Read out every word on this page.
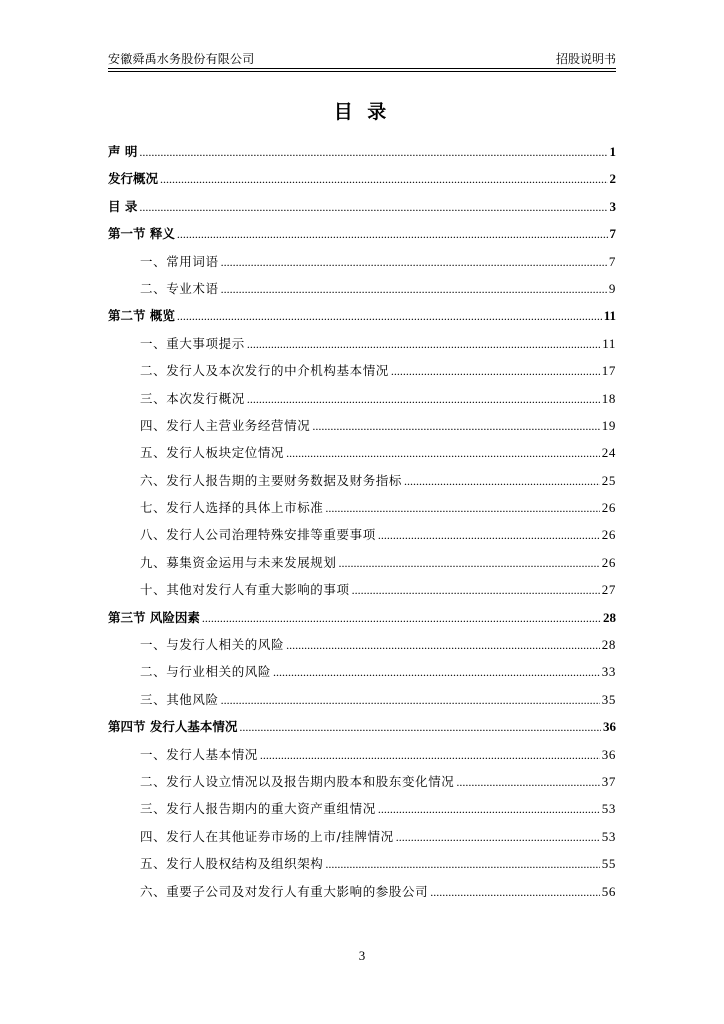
安徽舜禹水务股份有限公司	招股说明书
目 录
声 明 .....	1
发行概况 .....	2
目 录 .....	3
第一节 释义 .....	7
一、常用词语 .....	7
二、专业术语 .....	9
第二节 概览 .....	11
一、重大事项提示 .....	11
二、发行人及本次发行的中介机构基本情况 .....	17
三、本次发行概况 .....	18
四、发行人主营业务经营情况 .....	19
五、发行人板块定位情况 .....	24
六、发行人报告期的主要财务数据及财务指标 .....	25
七、发行人选择的具体上市标准 .....	26
八、发行人公司治理特殊安排等重要事项 .....	26
九、募集资金运用与未来发展规划 .....	26
十、其他对发行人有重大影响的事项 .....	27
第三节 风险因素 .....	28
一、与发行人相关的风险 .....	28
二、与行业相关的风险 .....	33
三、其他风险 .....	35
第四节 发行人基本情况 .....	36
一、发行人基本情况 .....	36
二、发行人设立情况以及报告期内股本和股东变化情况 .....	37
三、发行人报告期内的重大资产重组情况 .....	53
四、发行人在其他证券市场的上市/挂牌情况 .....	53
五、发行人股权结构及组织架构 .....	55
六、重要子公司及对发行人有重大影响的参股公司 .....	56
3
